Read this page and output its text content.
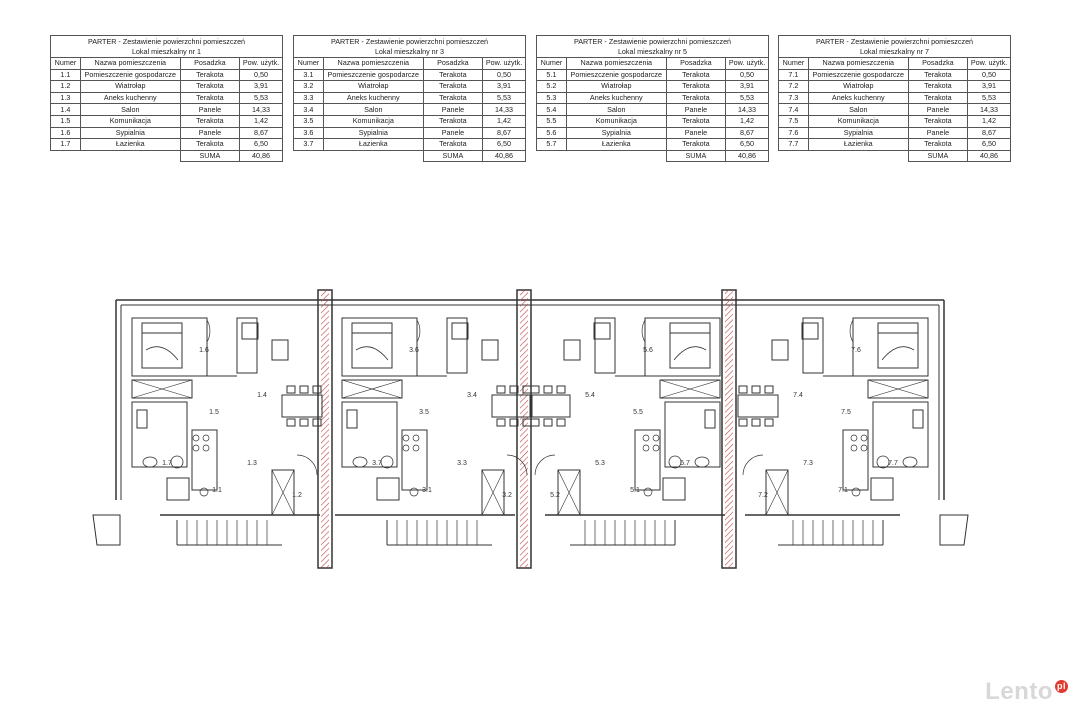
PARTER - Zestawienie powierzchni pomieszczeń
Lokal mieszkalny nr 1			

Numer	Nazwa pomieszczenia	Posadzka	Pow. użytk.
1.1	Pomieszczenie gospodarcze	Terakota	0,50
1.2	Wiatrołap	Terakota	3,91
1.3	Aneks kuchenny	Terakota	5,53
1.4	Salon	Panele	14,33
1.5	Komunikacja	Terakota	1,42
1.6	Sypialnia	Panele	8,67
1.7	Łazienka	Terakota	6,50
		SUMA	40,86
PARTER - Zestawienie powierzchni pomieszczeń
Lokal mieszkalny nr 3			

Numer	Nazwa pomieszczenia	Posadzka	Pow. użytk.
3.1	Pomieszczenie gospodarcze	Terakota	0,50
3.2	Wiatrołap	Terakota	3,91
3.3	Aneks kuchenny	Terakota	5,53
3.4	Salon	Panele	14,33
3.5	Komunikacja	Terakota	1,42
3.6	Sypialnia	Panele	8,67
3.7	Łazienka	Terakota	6,50
		SUMA	40,86
PARTER - Zestawienie powierzchni pomieszczeń
Lokal mieszkalny nr 5			

Numer	Nazwa pomieszczenia	Posadzka	Pow. użytk.
5.1	Pomieszczenie gospodarcze	Terakota	0,50
5.2	Wiatrołap	Terakota	3,91
5.3	Aneks kuchenny	Terakota	5,53
5.4	Salon	Panele	14,33
5.5	Komunikacja	Terakota	1,42
5.6	Sypialnia	Panele	8,67
5.7	Łazienka	Terakota	6,50
		SUMA	40,86
PARTER - Zestawienie powierzchni pomieszczeń
Lokal mieszkalny nr 7			

Numer	Nazwa pomieszczenia	Posadzka	Pow. użytk.
7.1	Pomieszczenie gospodarcze	Terakota	0,50
7.2	Wiatrołap	Terakota	3,91
7.3	Aneks kuchenny	Terakota	5,53
7.4	Salon	Panele	14,33
7.5	Komunikacja	Terakota	1,42
7.6	Sypialnia	Panele	8,67
7.7	Łazienka	Terakota	6,50
		SUMA	40,86
1.6
1.4
1.5
1.7	1.3
1.2
1.1
3.6
3.4
3.5
3.7	3.3
3.2
3.1
5.6
5.4
5.5
5.7
5.3
5.2
5.1
7.6
7.4
7.5
7.7
7.3
7.2
7.1
Lento pl
